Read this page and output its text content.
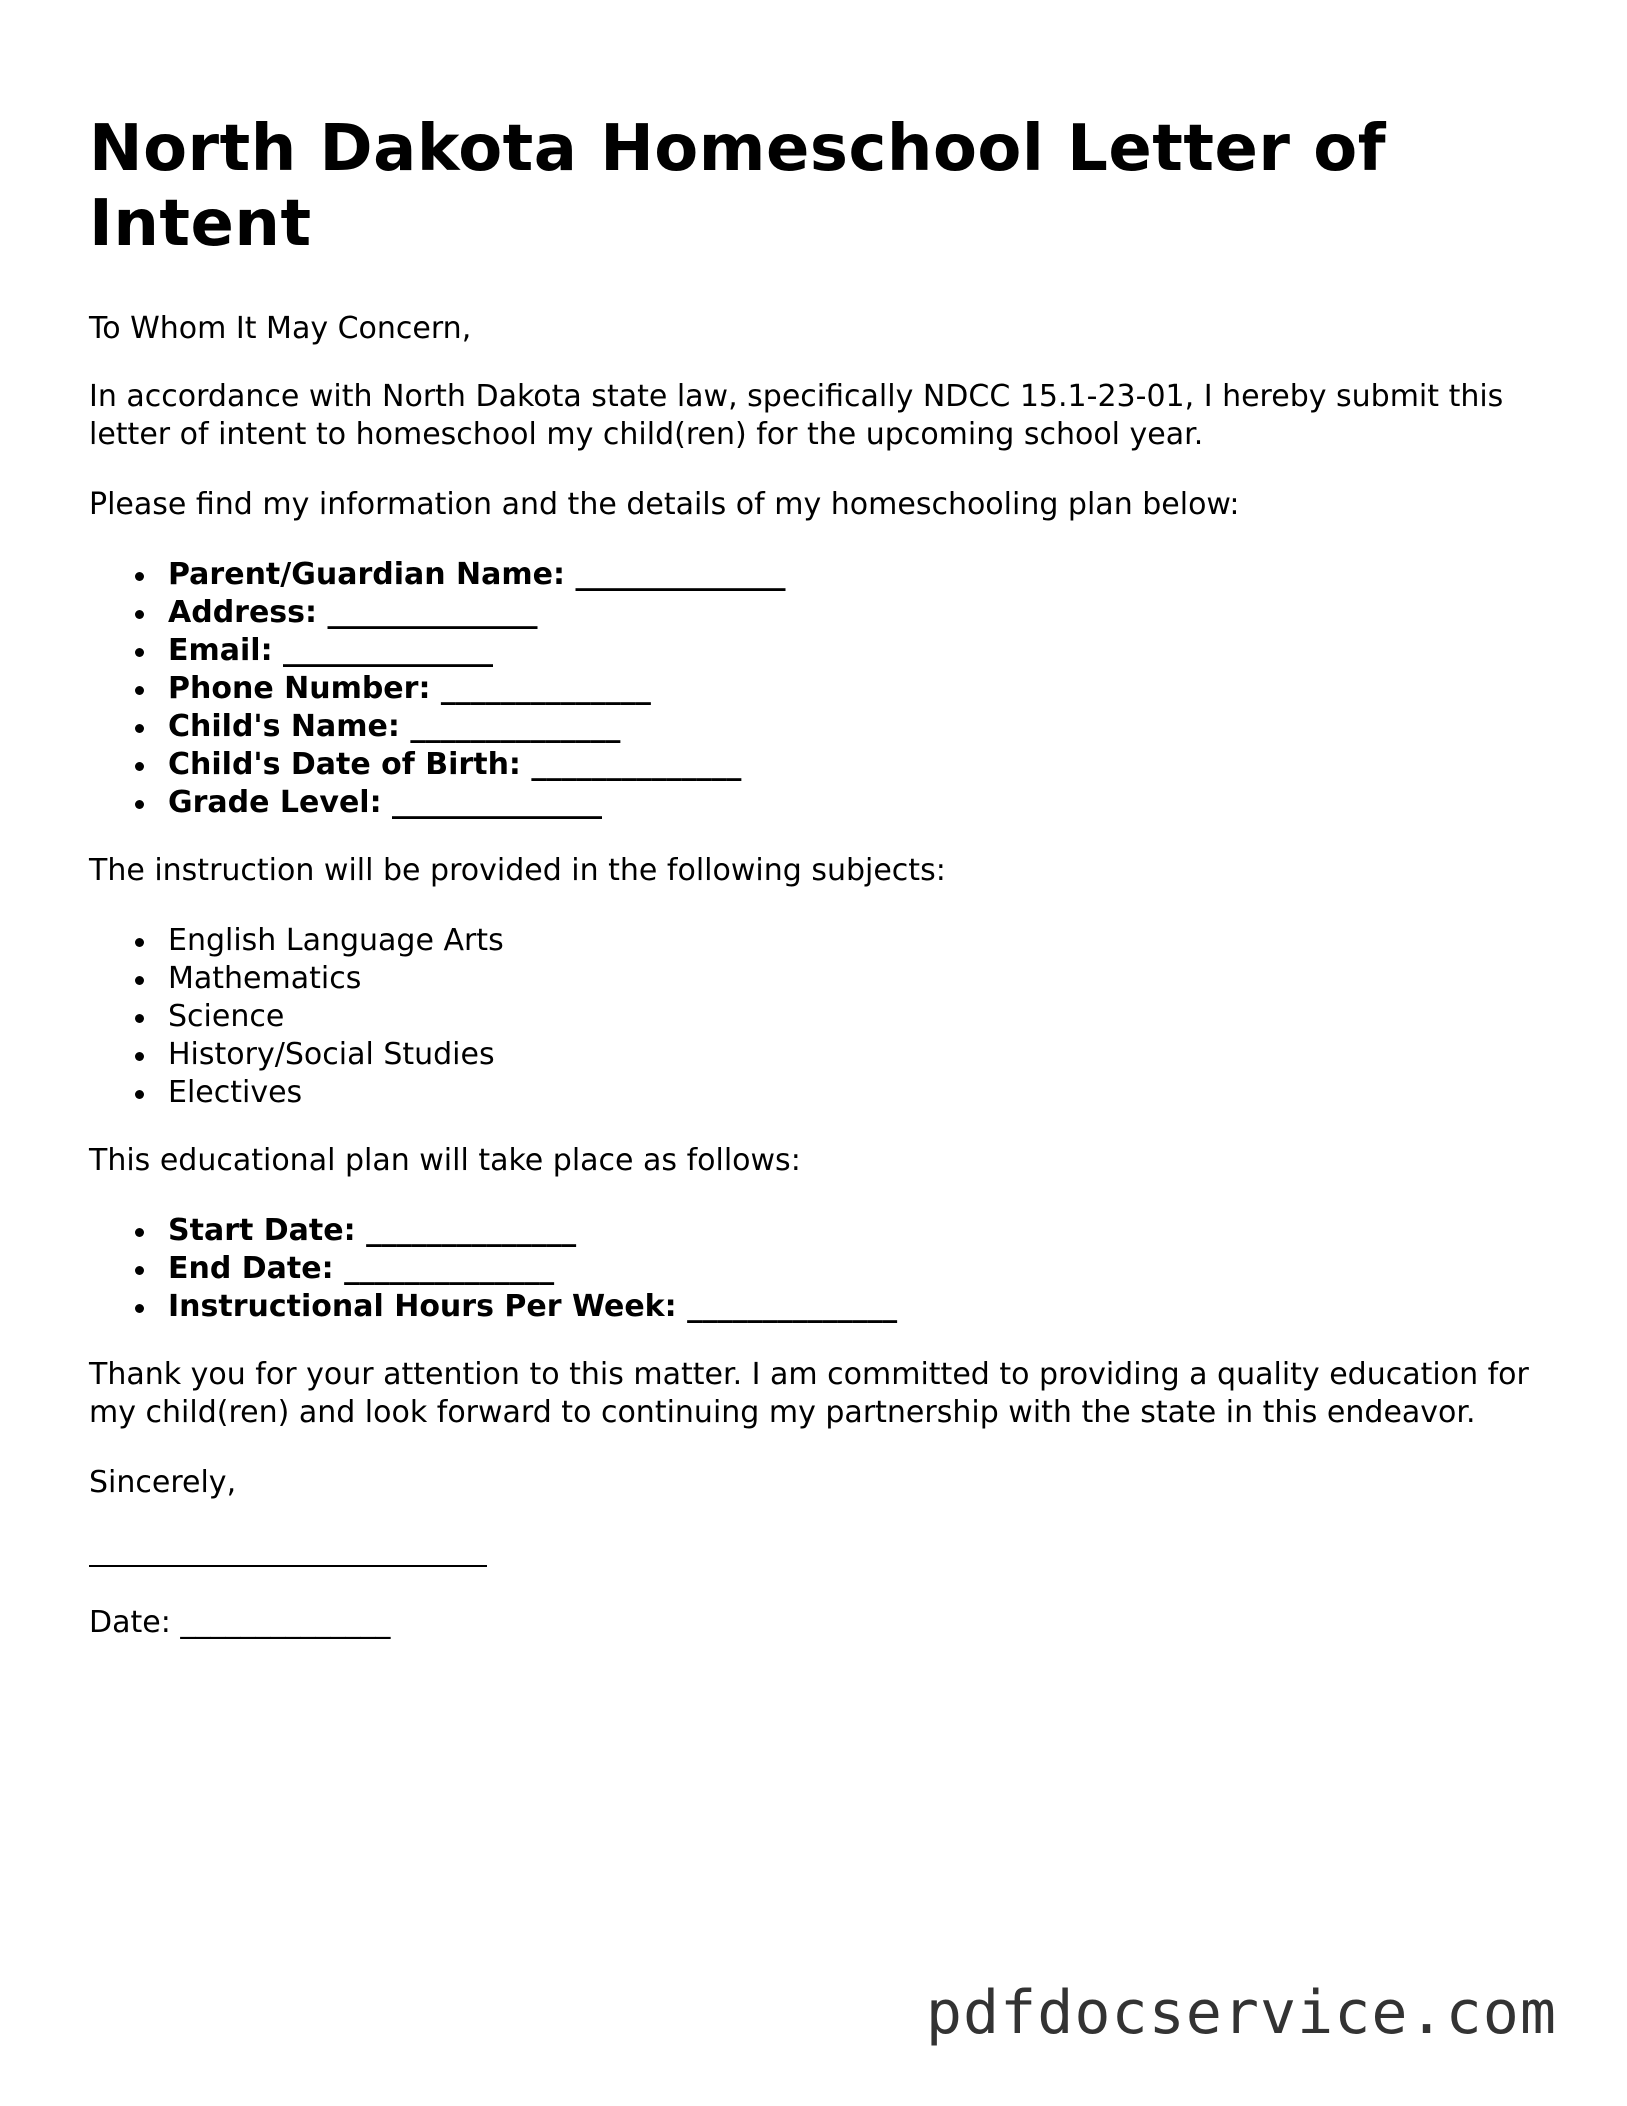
North Dakota Homeschool Letter of Intent

To Whom It May Concern,

In accordance with North Dakota state law, specifically NDCC 15.1-23-01, I hereby submit this letter of intent to homeschool my child(ren) for the upcoming school year.

Please find my information and the details of my homeschooling plan below:

Parent/Guardian Name: ______________
Address: ______________
Email: ______________
Phone Number: ______________
Child's Name: ______________
Child's Date of Birth: ______________
Grade Level: ______________

The instruction will be provided in the following subjects:

English Language Arts
Mathematics
Science
History/Social Studies
Electives

This educational plan will take place as follows:

Start Date: ______________
End Date: ______________
Instructional Hours Per Week: ______________

Thank you for your attention to this matter. I am committed to providing a quality education for my child(ren) and look forward to continuing my partnership with the state in this endeavor.

Sincerely,

Date: ______________

pdfdocservice.com
